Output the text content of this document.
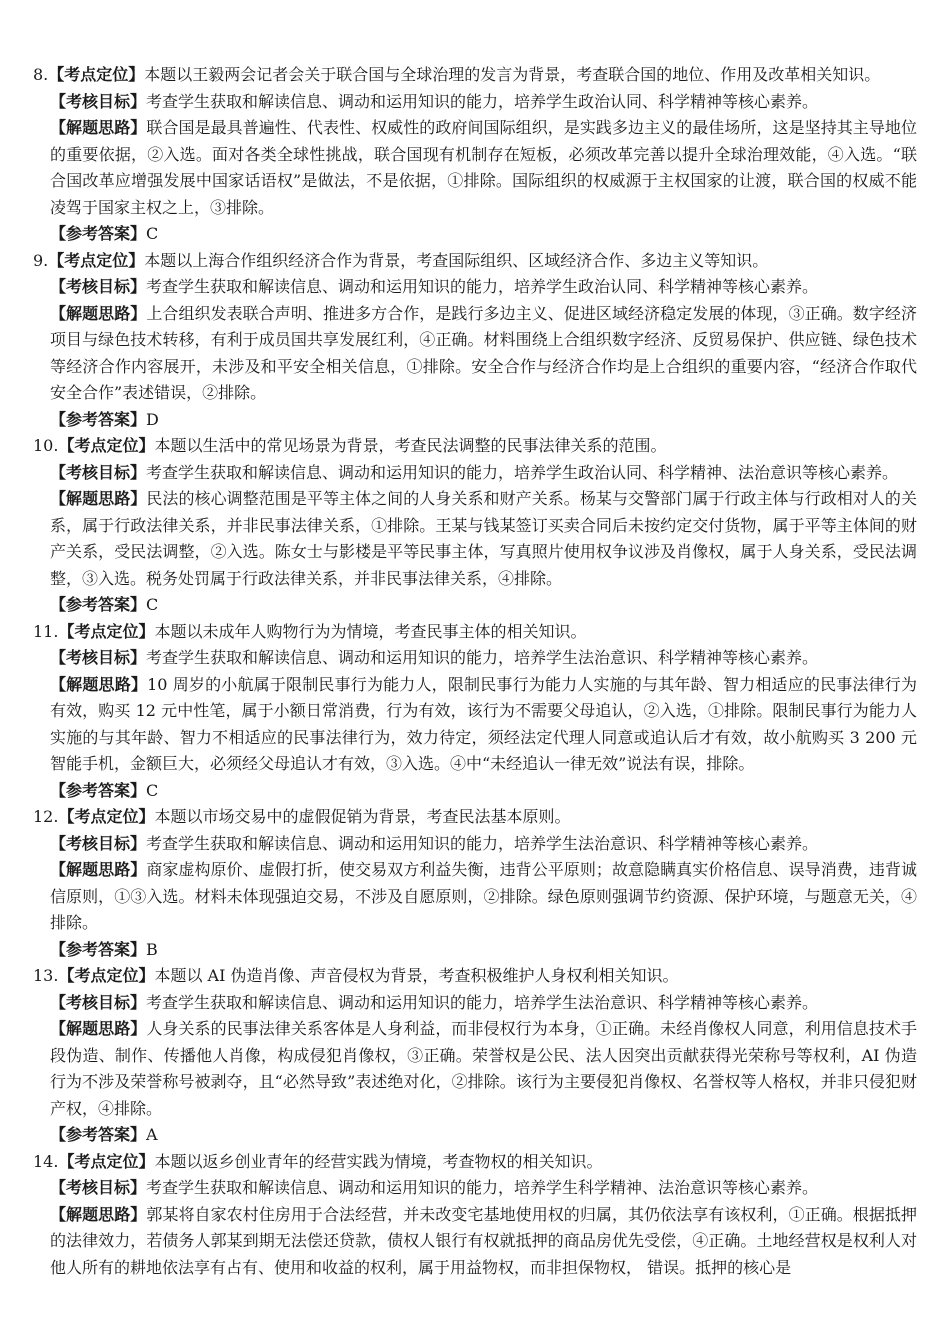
8.【考点定位】本题以王毅两会记者会关于联合国与全球治理的发言为背景，考查联合国的地位、作用及改革相关知识。

【考核目标】考查学生获取和解读信息、调动和运用知识的能力，培养学生政治认同、科学精神等核心素养。

【解题思路】联合国是最具普遍性、代表性、权威性的政府间国际组织，是实践多边主义的最佳场所，这是坚持其主导地位的重要依据，②入选。面对各类全球性挑战，联合国现有机制存在短板，必须改革完善以提升全球治理效能，④入选。“联合国改革应增强发展中国家话语权”是做法，不是依据，①排除。国际组织的权威源于主权国家的让渡，联合国的权威不能凌驾于国家主权之上，③排除。

【参考答案】C

9.【考点定位】本题以上海合作组织经济合作为背景，考查国际组织、区域经济合作、多边主义等知识。

【考核目标】考查学生获取和解读信息、调动和运用知识的能力，培养学生政治认同、科学精神等核心素养。

【解题思路】上合组织发表联合声明、推进多方合作，是践行多边主义、促进区域经济稳定发展的体现，③正确。数字经济项目与绿色技术转移，有利于成员国共享发展红利，④正确。材料围绕上合组织数字经济、反贸易保护、供应链、绿色技术等经济合作内容展开，未涉及和平安全相关信息，①排除。安全合作与经济合作均是上合组织的重要内容，“经济合作取代安全合作”表述错误，②排除。

【参考答案】D

10.【考点定位】本题以生活中的常见场景为背景，考查民法调整的民事法律关系的范围。

【考核目标】考查学生获取和解读信息、调动和运用知识的能力，培养学生政治认同、科学精神、法治意识等核心素养。

【解题思路】民法的核心调整范围是平等主体之间的人身关系和财产关系。杨某与交警部门属于行政主体与行政相对人的关系，属于行政法律关系，并非民事法律关系，①排除。王某与钱某签订买卖合同后未按约定交付货物，属于平等主体间的财产关系，受民法调整，②入选。陈女士与影楼是平等民事主体，写真照片使用权争议涉及肖像权，属于人身关系，受民法调整，③入选。税务处罚属于行政法律关系，并非民事法律关系，④排除。

【参考答案】C

11.【考点定位】本题以未成年人购物行为为情境，考查民事主体的相关知识。

【考核目标】考查学生获取和解读信息、调动和运用知识的能力，培养学生法治意识、科学精神等核心素养。

【解题思路】10 周岁的小航属于限制民事行为能力人，限制民事行为能力人实施的与其年龄、智力相适应的民事法律行为有效，购买 12 元中性笔，属于小额日常消费，行为有效，该行为不需要父母追认，②入选，①排除。限制民事行为能力人实施的与其年龄、智力不相适应的民事法律行为，效力待定，须经法定代理人同意或追认后才有效，故小航购买 3 200 元智能手机，金额巨大，必须经父母追认才有效，③入选。④中“未经追认一律无效”说法有误，排除。

【参考答案】C

12.【考点定位】本题以市场交易中的虚假促销为背景，考查民法基本原则。

【考核目标】考查学生获取和解读信息、调动和运用知识的能力，培养学生法治意识、科学精神等核心素养。

【解题思路】商家虚构原价、虚假打折，使交易双方利益失衡，违背公平原则；故意隐瞒真实价格信息、误导消费，违背诚信原则，①③入选。材料未体现强迫交易，不涉及自愿原则，②排除。绿色原则强调节约资源、保护环境，与题意无关，④排除。

【参考答案】B

13.【考点定位】本题以 AI 伪造肖像、声音侵权为背景，考查积极维护人身权利相关知识。

【考核目标】考查学生获取和解读信息、调动和运用知识的能力，培养学生法治意识、科学精神等核心素养。

【解题思路】人身关系的民事法律关系客体是人身利益，而非侵权行为本身，①正确。未经肖像权人同意，利用信息技术手段伪造、制作、传播他人肖像，构成侵犯肖像权，③正确。荣誉权是公民、法人因突出贡献获得光荣称号等权利，AI 伪造行为不涉及荣誉称号被剥夺，且“必然导致”表述绝对化，②排除。该行为主要侵犯肖像权、名誉权等人格权，并非只侵犯财产权，④排除。

【参考答案】A

14.【考点定位】本题以返乡创业青年的经营实践为情境，考查物权的相关知识。

【考核目标】考查学生获取和解读信息、调动和运用知识的能力，培养学生科学精神、法治意识等核心素养。

【解题思路】郭某将自家农村住房用于合法经营，并未改变宅基地使用权的归属，其仍依法享有该权利，①正确。根据抵押的法律效力，若债务人郭某到期无法偿还贷款，债权人银行有权就抵押的商品房优先受偿，④正确。土地经营权是权利人对他人所有的耕地依法享有占有、使用和收益的权利，属于用益物权，而非担保物权， 错误。抵押的核心是
